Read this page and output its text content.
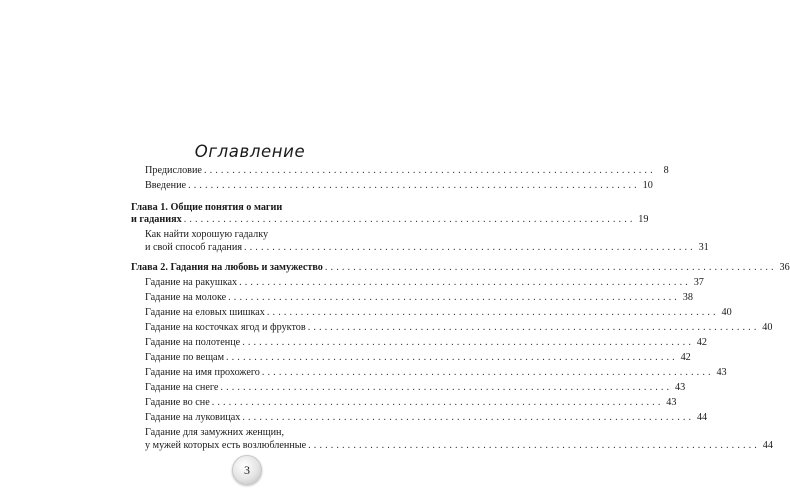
Оглавление
Предисловие ................................................................................ 8
Введение ................................................................................ 10
Глава 1. Общие понятия о магии
и гаданиях ................................................................................ 19
Как найти хорошую гадалку
и свой способ гадания ................................................................................ 31
Глава 2. Гадания на любовь и замужество ................................................................................ 36
Гадание на ракушках ................................................................................ 37
Гадание на молоке ................................................................................ 38
Гадание на еловых шишках ................................................................................ 40
Гадание на косточках ягод и фруктов ................................................................................ 40
Гадание на полотенце ................................................................................ 42
Гадание по вещам ................................................................................ 42
Гадание на имя прохожего ................................................................................ 43
Гадание на снеге ................................................................................ 43
Гадание во сне ................................................................................ 43
Гадание на луковицах ................................................................................ 44
Гадание для замужних женщин,
у мужей которых есть возлюбленные ................................................................................ 44
3
